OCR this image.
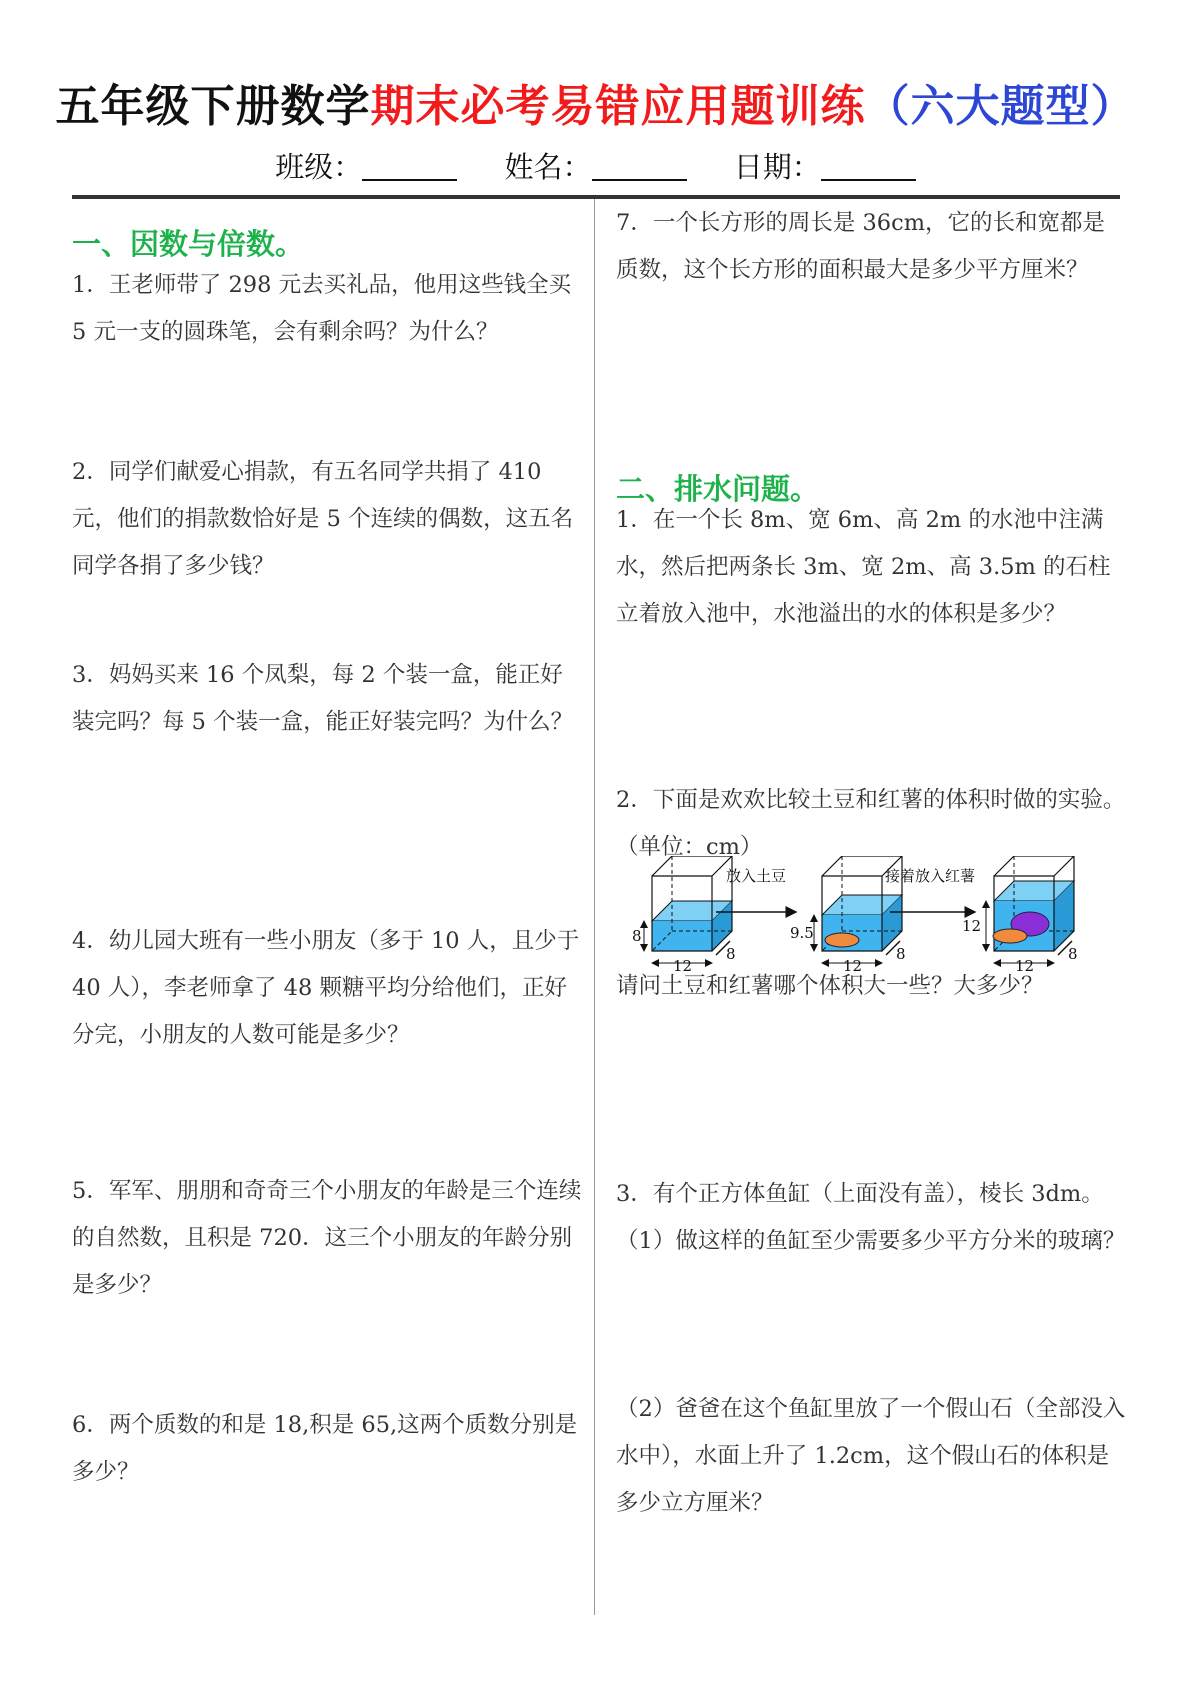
五年级下册数学期末必考易错应用题训练（六大题型）
班级：	姓名：	日期：
一、因数与倍数。
1．王老师带了 298 元去买礼品，他用这些钱全买 5 元一支的圆珠笔，会有剩余吗？为什么？
2．同学们献爱心捐款，有五名同学共捐了 410 元，他们的捐款数恰好是 5 个连续的偶数，这五名同学各捐了多少钱？
3．妈妈买来 16 个凤梨，每 2 个装一盒，能正好装完吗？每 5 个装一盒，能正好装完吗？为什么？
4．幼儿园大班有一些小朋友（多于 10 人，且少于 40 人），李老师拿了 48 颗糖平均分给他们，正好分完，小朋友的人数可能是多少？
5．军军、朋朋和奇奇三个小朋友的年龄是三个连续的自然数，且积是 720．这三个小朋友的年龄分别是多少？
6．两个质数的和是 18,积是 65,这两个质数分别是多少？
7．一个长方形的周长是 36cm，它的长和宽都是质数，这个长方形的面积最大是多少平方厘米？
二、排水问题。
1．在一个长 8m、宽 6m、高 2m 的水池中注满水，然后把两条长 3m、宽 2m、高 3.5m 的石柱立着放入池中，水池溢出的水的体积是多少？
2．下面是欢欢比较土豆和红薯的体积时做的实验。（单位：cm）
8
12
8
9.5
12
8
12
12
8
放入土豆	接着放入红薯
请问土豆和红薯哪个体积大一些？大多少？
3．有个正方体鱼缸（上面没有盖），棱长 3dm。（1）做这样的鱼缸至少需要多少平方分米的玻璃？
（2）爸爸在这个鱼缸里放了一个假山石（全部没入水中），水面上升了 1.2cm，这个假山石的体积是多少立方厘米？
